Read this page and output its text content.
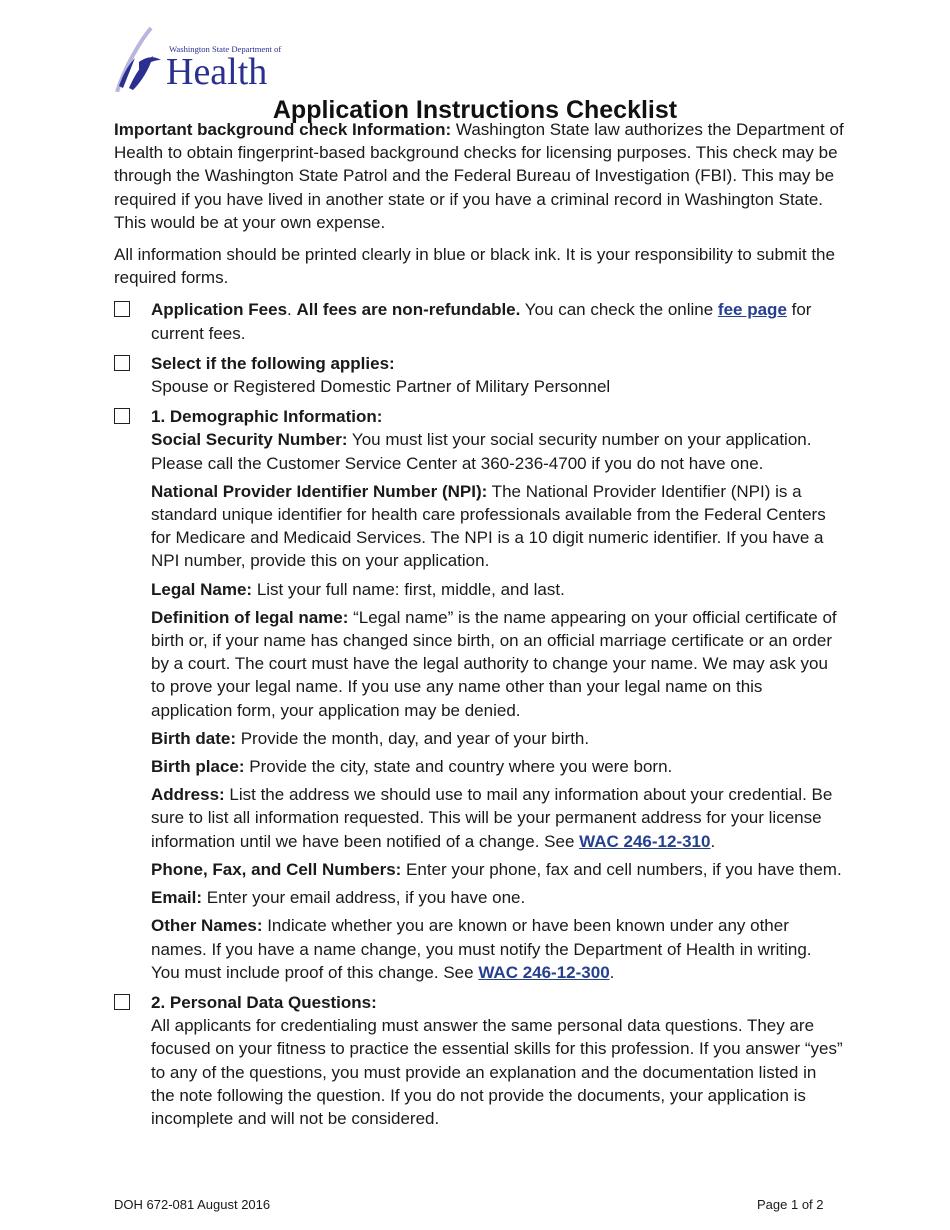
Washington State Department of
Health
Application Instructions Checklist

Important background check Information: Washington State law authorizes the Department of Health to obtain fingerprint-based background checks for licensing purposes. This check may be through the Washington State Patrol and the Federal Bureau of Investigation (FBI). This may be required if you have lived in another state or if you have a criminal record in Washington State. This would be at your own expense.

All information should be printed clearly in blue or black ink. It is your responsibility to submit the required forms.

Application Fees. All fees are non-refundable. You can check the online fee page for current fees.
Select if the following applies:
Spouse or Registered Domestic Partner of Military Personnel
1. Demographic Information:
Social Security Number: You must list your social security number on your application. Please call the Customer Service Center at 360-236-4700 if you do not have one.
National Provider Identifier Number (NPI): The National Provider Identifier (NPI) is a standard unique identifier for health care professionals available from the Federal Centers for Medicare and Medicaid Services. The NPI is a 10 digit numeric identifier. If you have a NPI number, provide this on your application.
Legal Name: List your full name: first, middle, and last.
Definition of legal name: “Legal name” is the name appearing on your official certificate of birth or, if your name has changed since birth, on an official marriage certificate or an order by a court. The court must have the legal authority to change your name. We may ask you to prove your legal name. If you use any name other than your legal name on this application form, your application may be denied.
Birth date: Provide the month, day, and year of your birth.
Birth place: Provide the city, state and country where you were born.
Address: List the address we should use to mail any information about your credential. Be sure to list all information requested. This will be your permanent address for your license information until we have been notified of a change. See WAC 246-12-310.
Phone, Fax, and Cell Numbers: Enter your phone, fax and cell numbers, if you have them.
Email: Enter your email address, if you have one.
Other Names: Indicate whether you are known or have been known under any other names. If you have a name change, you must notify the Department of Health in writing. You must include proof of this change. See WAC 246-12-300.
2. Personal Data Questions:
All applicants for credentialing must answer the same personal data questions. They are focused on your fitness to practice the essential skills for this profession. If you answer “yes” to any of the questions, you must provide an explanation and the documentation listed in the note following the question. If you do not provide the documents, your application is incomplete and will not be considered.
DOH 672-081 August 2016	Page 1 of 2
